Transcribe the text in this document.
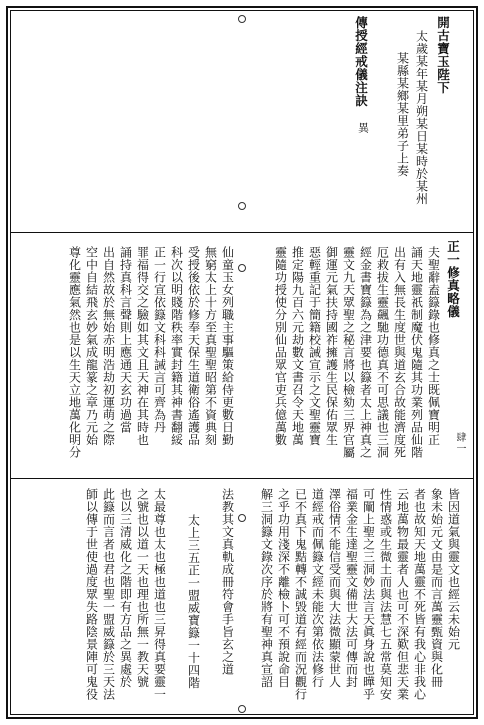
開古寶玉陛下
太歲某年某月朔某日某時於某州
某縣某鄉某里弟子上奏
傳授經戒儀注訣
異
正一修真略儀
肆一
夫聖辭盍籙錄也修真之士既佩寶明正
誦天地靈祇制魔伏鬼隨其功業列品仙階
出有入無長生度世與道玄合故能濟度死
厄救拔生靈飆馳功德真不可思議也三洞
經金書寶籙為之津要也籙者太上神真之
靈文九天眾聖之秘言將以檢劾三界官屬
御運元氣扶持國祚擁護生民保佑眾生
惡輕重記于簡籍校誡宣示之文聖靈寶
推定陽九百六元劫數文書召令天地萬
靈隨功授使分別仙品眾官吏兵億萬數
仙童玉女列職主事驅策給侍更數日勤
無窮太上十方至真聖聖昭第不資典刻
受授後依於修奉天保生道衛俗遙護品
科次以明賤階秩率實封籍其神書翻綏
正一行宣依籙文科科誡言可齊為丹
罪福得交之驗如其文且天神在其時也
誦持真科言聲則上應通天玄功過當
出自然故於無始赤明浩劫初運萌之際
空中自結飛玄妙氣成龍篆之章乃元始
尊化靈應氣然也是以生天立地萬化明分
皆因道氣與靈文也經云未始元
象未始元文由是而言萬靈甄資與化冊
者也故知天地萬靈不死皆有我心非我心
云地萬物最靈者人也可不深歎但悲天業
性情惑或生微土而與法慧七五常莫知安
可闡上聖之三洞妙法言天眞身說也曄乎
福業金生達聖靈文備世大法可傳而封
澤俗情不能信受而與大法微顯蒙世人
道經戒而佩籙文經未能次第依法修行
已不真下鬼黠轉不誠毀道有經而況觀行
之乎功用淺深不離檢卜可不預說命目
解三洞籙文錄次序於將有聖神真宣詔
法教其文真軌成冊符會手旨玄之道
太上三五正一盟威寶籙一十四階
太最尊也太也極也道也三昇得真要靈一
之號也以道一天也理也所無一教天號
也以三清威化之階即有方品之異處於
此籙而言者也君也聖一盟威籙於三天法
師以傳于世使過度眾失路陰景陣可鬼役
